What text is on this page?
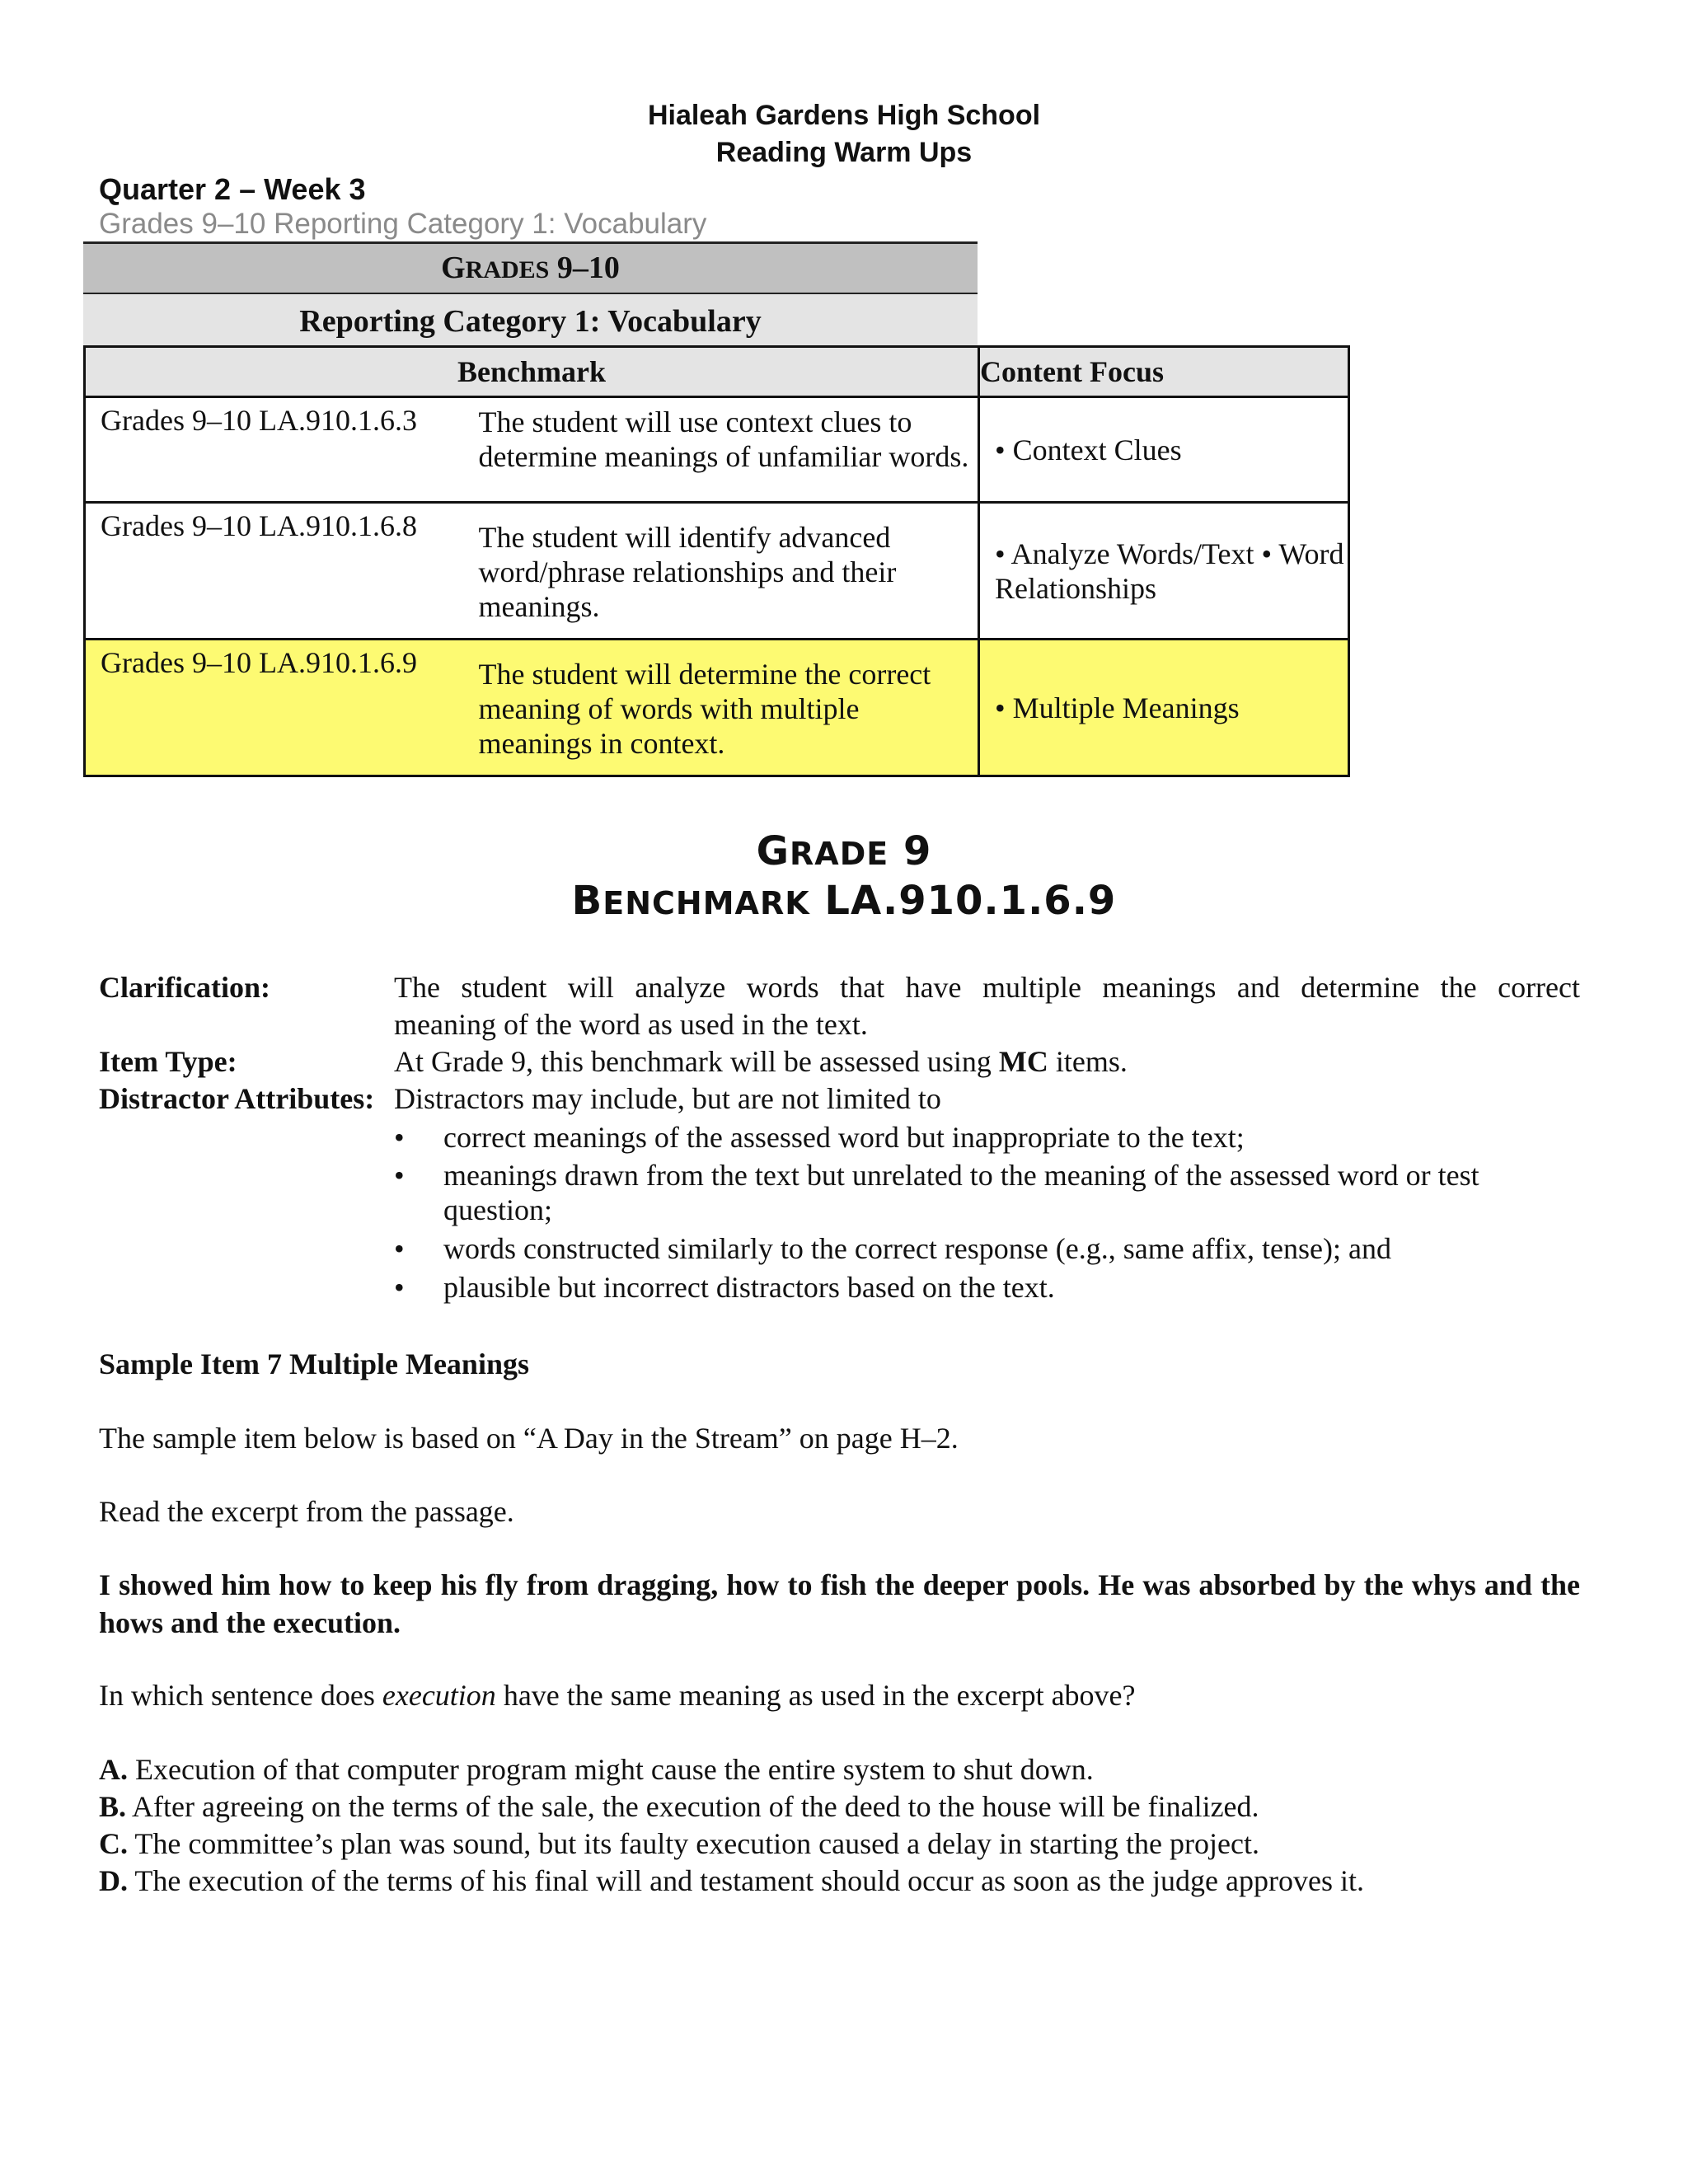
Hialeah Gardens High School
Reading Warm Ups
Quarter 2 – Week 3
Grades 9–10 Reporting Category 1: Vocabulary
GRADES 9–10
Reporting Category 1: Vocabulary
Benchmark		Content Focus
Grades 9–10 LA.910.1.6.3	The student will use context clues to determine meanings of unfamiliar words.	• Context Clues
Grades 9–10 LA.910.1.6.8	The student will identify advanced word/phrase relationships and their meanings.	• Analyze Words/Text • Word Relationships
Grades 9–10 LA.910.1.6.9	The student will determine the correct meaning of words with multiple meanings in context.	• Multiple Meanings
GRADE 9
BENCHMARK LA.910.1.6.9
Clarification:	The student will analyze words that have multiple meanings and determine the correct
meaning of the word as used in the text.
Item Type:	At Grade 9, this benchmark will be assessed using MC items.
Distractor Attributes: Distractors may include, but are not limited to
• correct meanings of the assessed word but inappropriate to the text;
• meanings drawn from the text but unrelated to the meaning of the assessed word or test
question;
• words constructed similarly to the correct response (e.g., same affix, tense); and
• plausible but incorrect distractors based on the text.
Sample Item 7 Multiple Meanings
The sample item below is based on “A Day in the Stream” on page H–2.
Read the excerpt from the passage.
I showed him how to keep his fly from dragging, how to fish the deeper pools. He was absorbed by the whys and the hows and the execution.
In which sentence does execution have the same meaning as used in the excerpt above?
A. Execution of that computer program might cause the entire system to shut down.
B. After agreeing on the terms of the sale, the execution of the deed to the house will be finalized.
C. The committee’s plan was sound, but its faulty execution caused a delay in starting the project.
D. The execution of the terms of his final will and testament should occur as soon as the judge approves it.
